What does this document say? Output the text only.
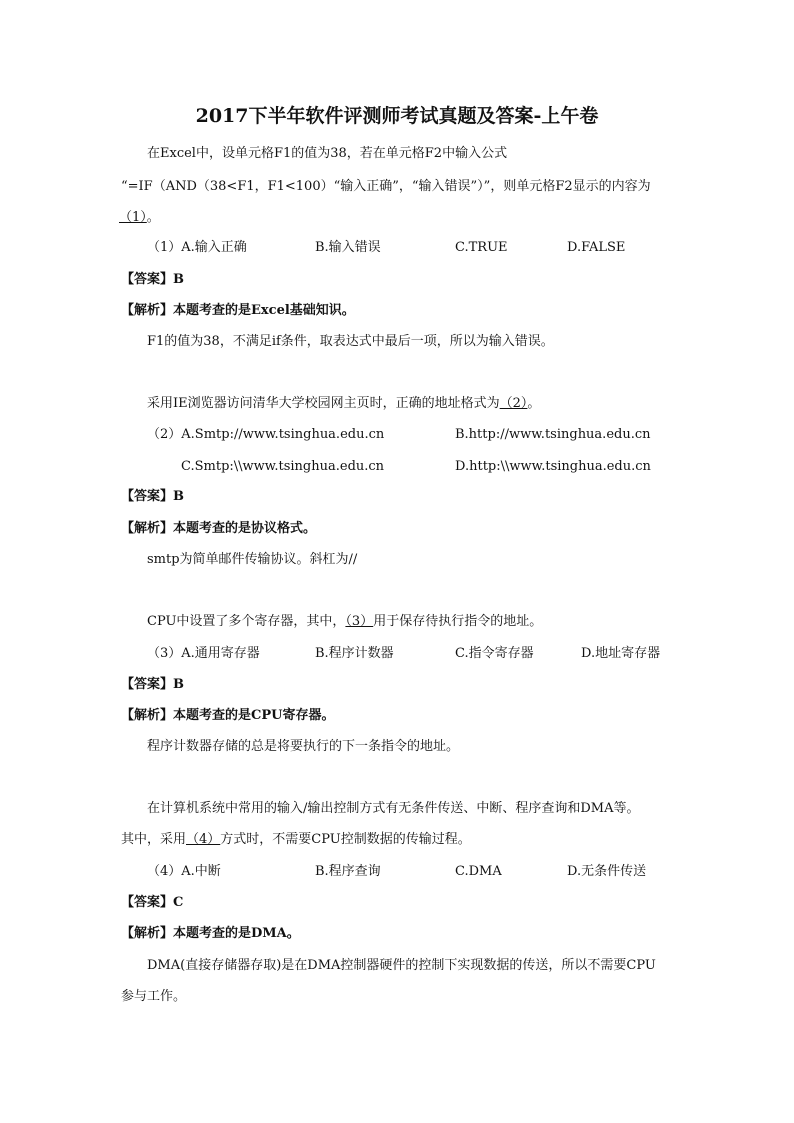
2017下半年软件评测师考试真题及答案-上午卷
在Excel中，设单元格F1的值为38，若在单元格F2中输入公式
“=IF（AND（38<F1，F1<100）“输入正确”，“输入错误”）”，则单元格F2显示的内容为
（1）。
（1）A.输入正确	B.输入错误	C.TRUE	D.FALSE
【答案】B
【解析】本题考查的是Excel基础知识。
F1的值为38，不满足if条件，取表达式中最后一项，所以为输入错误。
采用IE浏览器访问清华大学校园网主页时，正确的地址格式为（2）。
（2）A.Smtp://www.tsinghua.edu.cn	B.http://www.tsinghua.edu.cn
C.Smtp:\\www.tsinghua.edu.cn	D.http:\\www.tsinghua.edu.cn
【答案】B
【解析】本题考查的是协议格式。
smtp为简单邮件传输协议。斜杠为//
CPU中设置了多个寄存器，其中，（3）用于保存待执行指令的地址。
（3）A.通用寄存器	B.程序计数器	C.指令寄存器	D.地址寄存器
【答案】B
【解析】本题考查的是CPU寄存器。
程序计数器存储的总是将要执行的下一条指令的地址。
在计算机系统中常用的输入/输出控制方式有无条件传送、中断、程序查询和DMA等。
其中，采用（4）方式时，不需要CPU控制数据的传输过程。
（4）A.中断	B.程序查询	C.DMA	D.无条件传送
【答案】C
【解析】本题考查的是DMA。
DMA(直接存储器存取)是在DMA控制器硬件的控制下实现数据的传送，所以不需要CPU
参与工作。
